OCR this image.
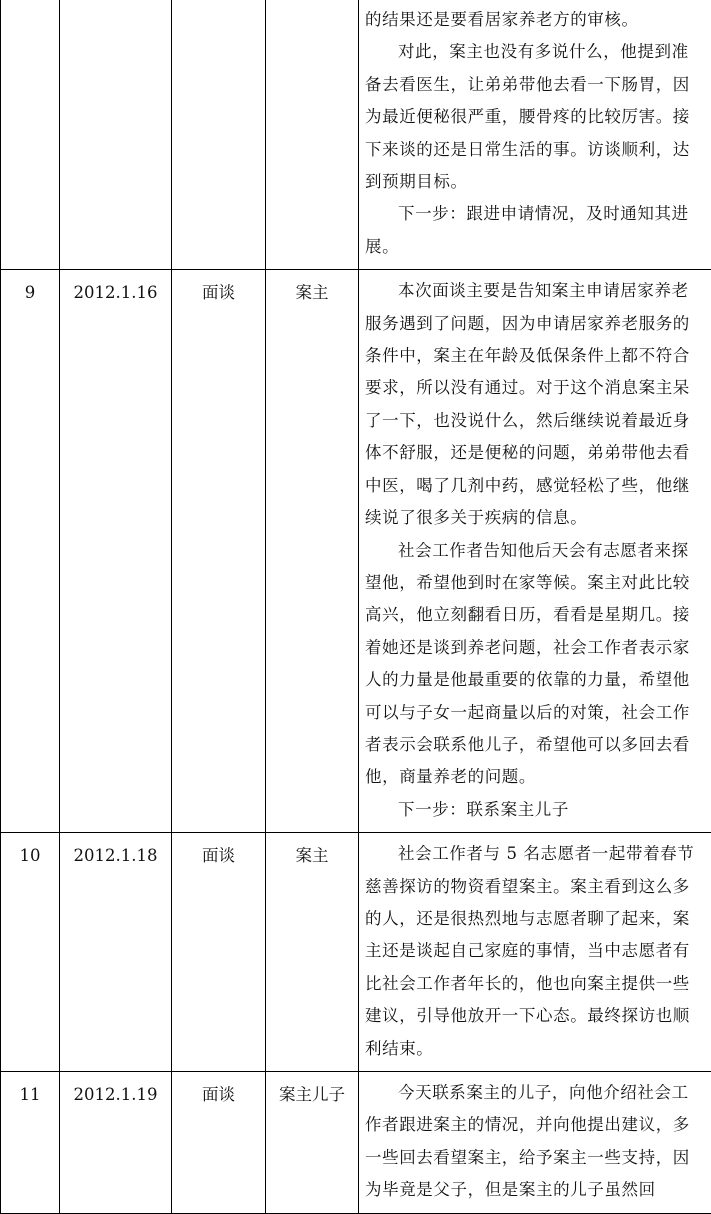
				的结果还是要看居家养老方的审核。

对此，案主也没有多说什么，他提到准备去看医生，让弟弟带他去看一下肠胃，因为最近便秘很严重，腰骨疼的比较厉害。接下来谈的还是日常生活的事。访谈顺利，达到预期目标。

下一步：跟进申请情况，及时通知其进展。

9	2012.1.16	面谈	案主	本次面谈主要是告知案主申请居家养老服务遇到了问题，因为申请居家养老服务的条件中，案主在年龄及低保条件上都不符合要求，所以没有通过。对于这个消息案主呆了一下，也没说什么，然后继续说着最近身体不舒服，还是便秘的问题，弟弟带他去看中医，喝了几剂中药，感觉轻松了些，他继续说了很多关于疾病的信息。

社会工作者告知他后天会有志愿者来探望他，希望他到时在家等候。案主对此比较高兴，他立刻翻看日历，看看是星期几。接着她还是谈到养老问题，社会工作者表示家人的力量是他最重要的依靠的力量，希望他可以与子女一起商量以后的对策，社会工作者表示会联系他儿子，希望他可以多回去看他，商量养老的问题。

下一步：联系案主儿子

10	2012.1.18	面谈	案主	社会工作者与 5 名志愿者一起带着春节慈善探访的物资看望案主。案主看到这么多的人，还是很热烈地与志愿者聊了起来，案主还是谈起自己家庭的事情，当中志愿者有比社会工作者年长的，他也向案主提供一些建议，引导他放开一下心态。最终探访也顺利结束。

11	2012.1.19	面谈	案主儿子	今天联系案主的儿子，向他介绍社会工作者跟进案主的情况，并向他提出建议，多一些回去看望案主，给予案主一些支持，因为毕竟是父子，但是案主的儿子虽然回
